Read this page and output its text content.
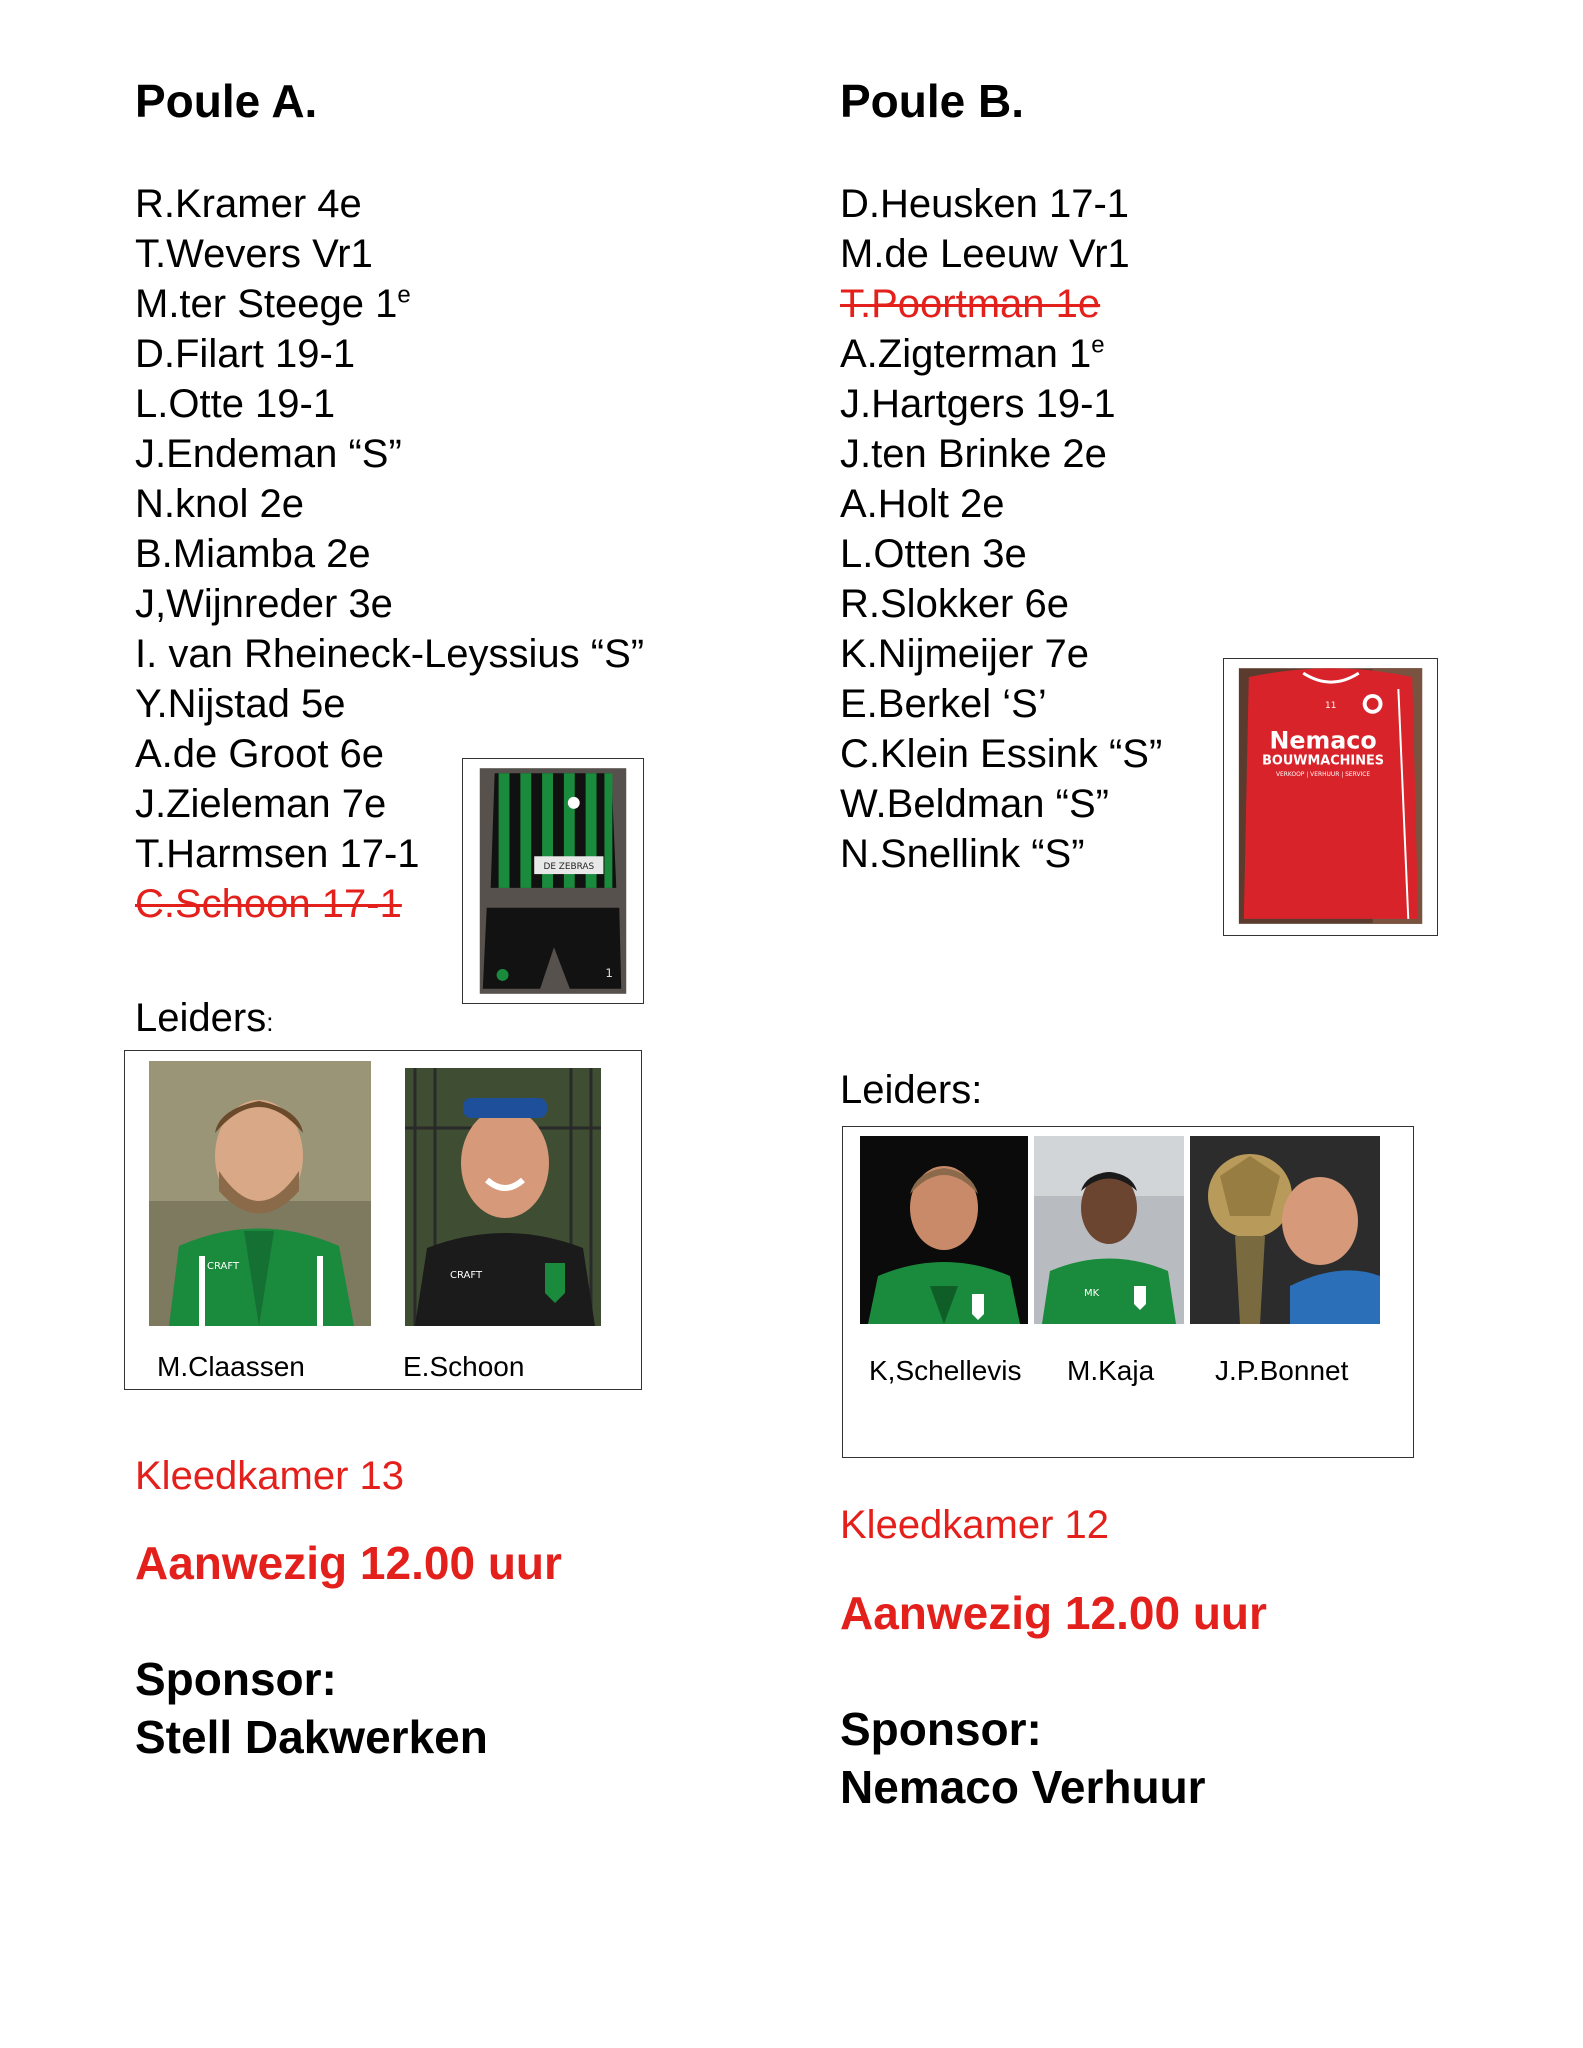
Poule A.
R.Kramer 4e
T.Wevers Vr1
M.ter Steege 1e
D.Filart 19-1
L.Otte 19-1
J.Endeman “S”
N.knol 2e
B.Miamba 2e
J,Wijnreder 3e
I. van Rheineck-Leyssius “S”
Y.Nijstad 5e
A.de Groot 6e
J.Zieleman 7e
T.Harmsen 17-1
C.Schoon 17-1
DE ZEBRAS
1
Leiders:
CRAFT
CRAFT
M.Claassen	E.Schoon
Kleedkamer 13
Aanwezig 12.00 uur
Sponsor:
Stell Dakwerken
Poule B.
D.Heusken 17-1
M.de Leeuw Vr1
T.Poortman 1e
A.Zigterman 1e
J.Hartgers 19-1
J.ten Brinke 2e
A.Holt 2e
L.Otten 3e
R.Slokker 6e
K.Nijmeijer 7e
E.Berkel ‘S’
C.Klein Essink “S”
W.Beldman “S”
N.Snellink “S”
11
Nemaco
BOUWMACHINES
VERKOOP | VERHUUR | SERVICE
Leiders:
MK
K,Schellevis M.Kaja J.P.Bonnet
Kleedkamer 12
Aanwezig 12.00 uur
Sponsor:
Nemaco Verhuur
